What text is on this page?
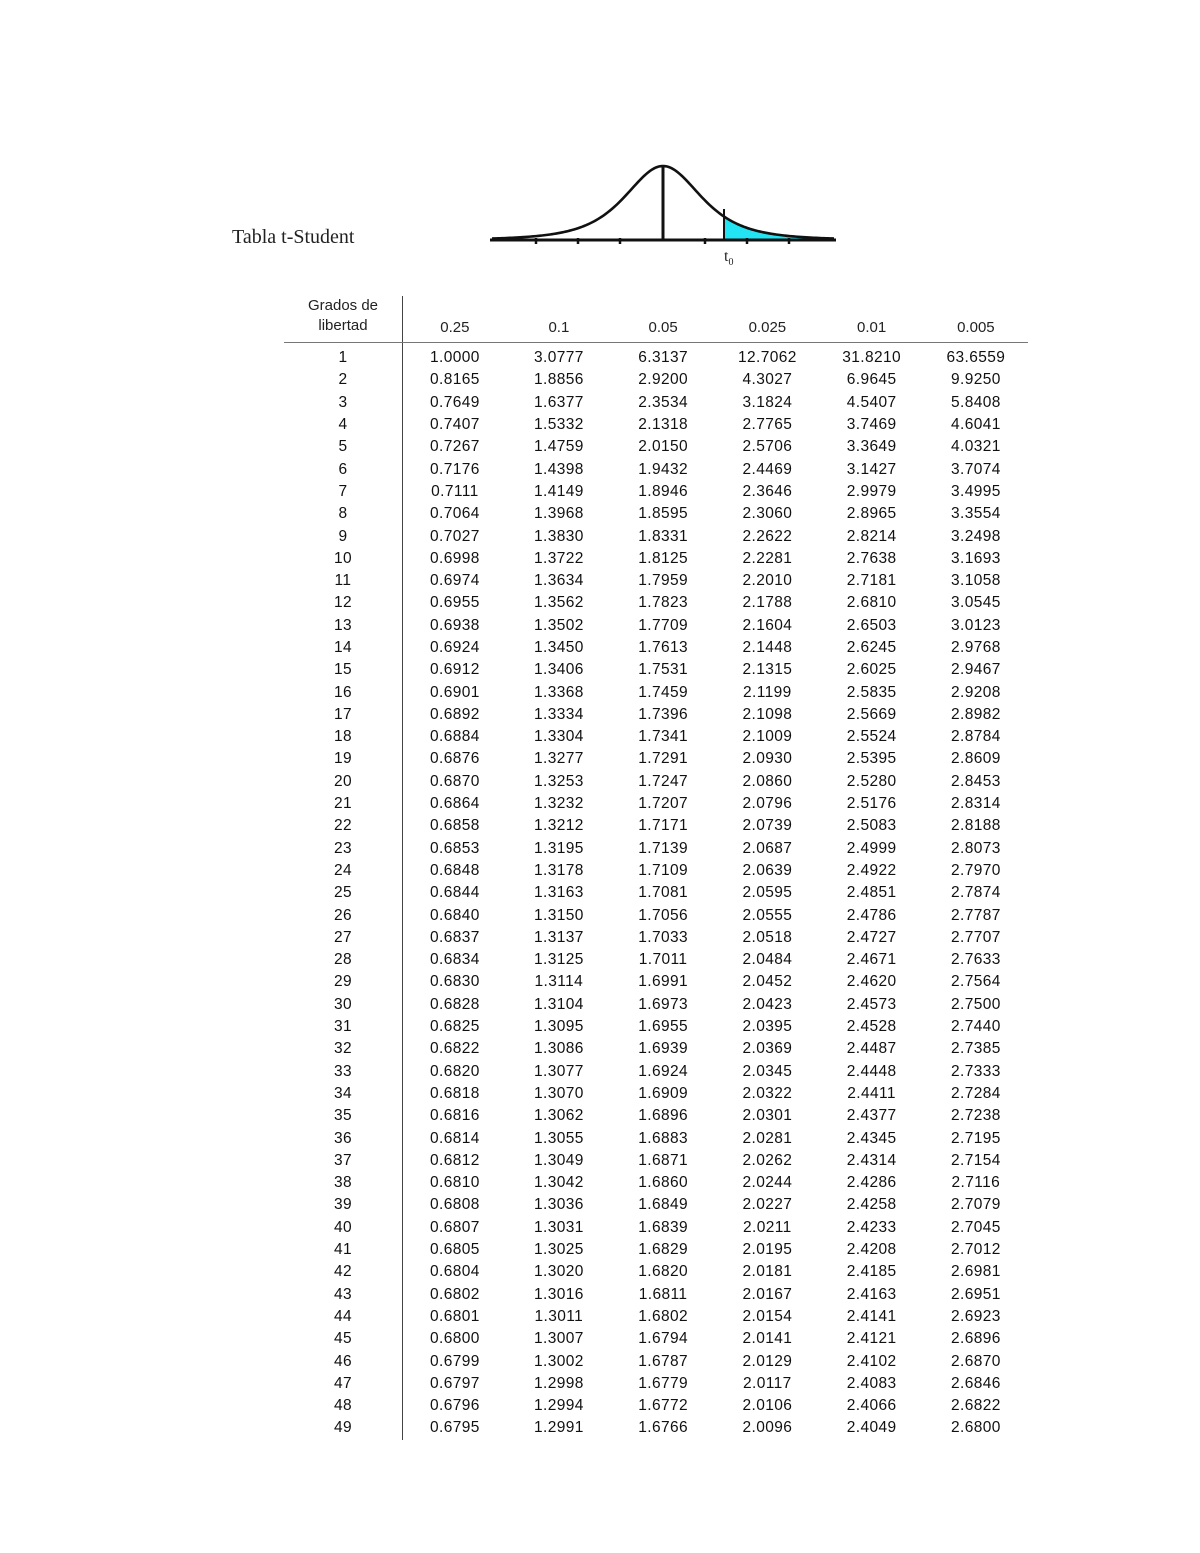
Tabla t-Student
$t_0$
Grados de
libertad	0.25	0.1	0.05	0.025	0.01	0.005
1	1.0000	3.0777	6.3137	12.7062	31.8210	63.6559
2	0.8165	1.8856	2.9200	4.3027	6.9645	9.9250
3	0.7649	1.6377	2.3534	3.1824	4.5407	5.8408
4	0.7407	1.5332	2.1318	2.7765	3.7469	4.6041
5	0.7267	1.4759	2.0150	2.5706	3.3649	4.0321
6	0.7176	1.4398	1.9432	2.4469	3.1427	3.7074
7	0.7111	1.4149	1.8946	2.3646	2.9979	3.4995
8	0.7064	1.3968	1.8595	2.3060	2.8965	3.3554
9	0.7027	1.3830	1.8331	2.2622	2.8214	3.2498
10	0.6998	1.3722	1.8125	2.2281	2.7638	3.1693
11	0.6974	1.3634	1.7959	2.2010	2.7181	3.1058
12	0.6955	1.3562	1.7823	2.1788	2.6810	3.0545
13	0.6938	1.3502	1.7709	2.1604	2.6503	3.0123
14	0.6924	1.3450	1.7613	2.1448	2.6245	2.9768
15	0.6912	1.3406	1.7531	2.1315	2.6025	2.9467
16	0.6901	1.3368	1.7459	2.1199	2.5835	2.9208
17	0.6892	1.3334	1.7396	2.1098	2.5669	2.8982
18	0.6884	1.3304	1.7341	2.1009	2.5524	2.8784
19	0.6876	1.3277	1.7291	2.0930	2.5395	2.8609
20	0.6870	1.3253	1.7247	2.0860	2.5280	2.8453
21	0.6864	1.3232	1.7207	2.0796	2.5176	2.8314
22	0.6858	1.3212	1.7171	2.0739	2.5083	2.8188
23	0.6853	1.3195	1.7139	2.0687	2.4999	2.8073
24	0.6848	1.3178	1.7109	2.0639	2.4922	2.7970
25	0.6844	1.3163	1.7081	2.0595	2.4851	2.7874
26	0.6840	1.3150	1.7056	2.0555	2.4786	2.7787
27	0.6837	1.3137	1.7033	2.0518	2.4727	2.7707
28	0.6834	1.3125	1.7011	2.0484	2.4671	2.7633
29	0.6830	1.3114	1.6991	2.0452	2.4620	2.7564
30	0.6828	1.3104	1.6973	2.0423	2.4573	2.7500
31	0.6825	1.3095	1.6955	2.0395	2.4528	2.7440
32	0.6822	1.3086	1.6939	2.0369	2.4487	2.7385
33	0.6820	1.3077	1.6924	2.0345	2.4448	2.7333
34	0.6818	1.3070	1.6909	2.0322	2.4411	2.7284
35	0.6816	1.3062	1.6896	2.0301	2.4377	2.7238
36	0.6814	1.3055	1.6883	2.0281	2.4345	2.7195
37	0.6812	1.3049	1.6871	2.0262	2.4314	2.7154
38	0.6810	1.3042	1.6860	2.0244	2.4286	2.7116
39	0.6808	1.3036	1.6849	2.0227	2.4258	2.7079
40	0.6807	1.3031	1.6839	2.0211	2.4233	2.7045
41	0.6805	1.3025	1.6829	2.0195	2.4208	2.7012
42	0.6804	1.3020	1.6820	2.0181	2.4185	2.6981
43	0.6802	1.3016	1.6811	2.0167	2.4163	2.6951
44	0.6801	1.3011	1.6802	2.0154	2.4141	2.6923
45	0.6800	1.3007	1.6794	2.0141	2.4121	2.6896
46	0.6799	1.3002	1.6787	2.0129	2.4102	2.6870
47	0.6797	1.2998	1.6779	2.0117	2.4083	2.6846
48	0.6796	1.2994	1.6772	2.0106	2.4066	2.6822
49	0.6795	1.2991	1.6766	2.0096	2.4049	2.6800
